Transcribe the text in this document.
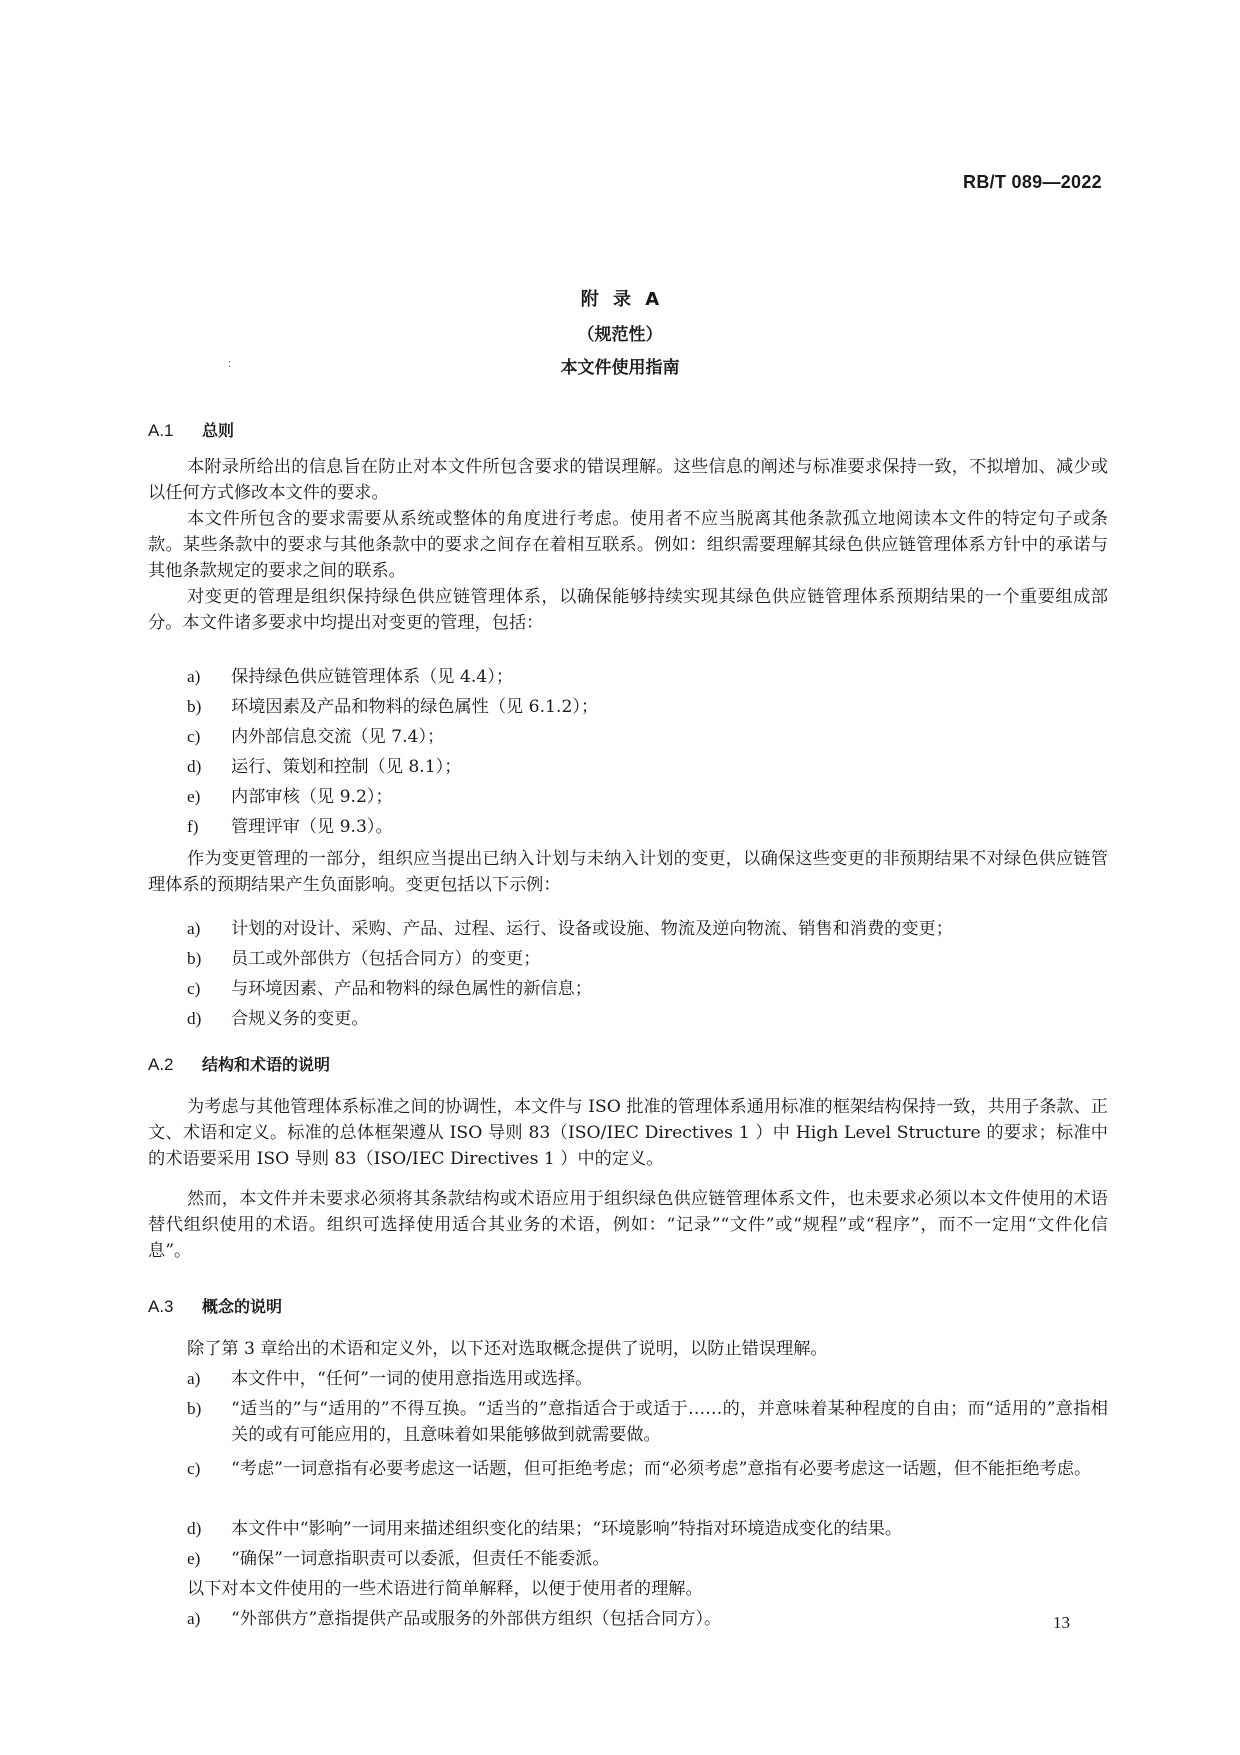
RB/T 089—2022
附 录 A
（规范性）
：	本文件使用指南
A.1 总则
本附录所给出的信息旨在防止对本文件所包含要求的错误理解。这些信息的阐述与标准要求保持一致，不拟增加、减少或以任何方式修改本文件的要求。
本文件所包含的要求需要从系统或整体的角度进行考虑。使用者不应当脱离其他条款孤立地阅读本文件的特定句子或条款。某些条款中的要求与其他条款中的要求之间存在着相互联系。例如：组织需要理解其绿色供应链管理体系方针中的承诺与其他条款规定的要求之间的联系。
对变更的管理是组织保持绿色供应链管理体系，以确保能够持续实现其绿色供应链管理体系预期结果的一个重要组成部分。本文件诸多要求中均提出对变更的管理，包括：
a) 保持绿色供应链管理体系（见 4.4）；
b) 环境因素及产品和物料的绿色属性（见 6.1.2）；
c) 内外部信息交流（见 7.4）；
d) 运行、策划和控制（见 8.1）；
e) 内部审核（见 9.2）；
f) 管理评审（见 9.3）。
作为变更管理的一部分，组织应当提出已纳入计划与未纳入计划的变更，以确保这些变更的非预期结果不对绿色供应链管理体系的预期结果产生负面影响。变更包括以下示例：
a) 计划的对设计、采购、产品、过程、运行、设备或设施、物流及逆向物流、销售和消费的变更；
b) 员工或外部供方（包括合同方）的变更；
c) 与环境因素、产品和物料的绿色属性的新信息；
d) 合规义务的变更。
A.2 结构和术语的说明
为考虑与其他管理体系标准之间的协调性，本文件与 ISO 批准的管理体系通用标准的框架结构保持一致，共用子条款、正文、术语和定义。标准的总体框架遵从 ISO 导则 83（ISO/IEC Directives 1 ）中 High Level Structure 的要求；标准中的术语要采用 ISO 导则 83（ISO/IEC Directives 1 ）中的定义。
然而，本文件并未要求必须将其条款结构或术语应用于组织绿色供应链管理体系文件，也未要求必须以本文件使用的术语替代组织使用的术语。组织可选择使用适合其业务的术语，例如：“记录”“文件”或“规程”或“程序”，而不一定用“文件化信息”。
A.3 概念的说明
除了第 3 章给出的术语和定义外，以下还对选取概念提供了说明，以防止错误理解。
a) 本文件中，“任何”一词的使用意指选用或选择。
b) “适当的”与“适用的”不得互换。“适当的”意指适合于或适于……的，并意味着某种程度的自由；而“适用的”意指相关的或有可能应用的，且意味着如果能够做到就需要做。
c) “考虑”一词意指有必要考虑这一话题，但可拒绝考虑；而“必须考虑”意指有必要考虑这一话题，但不能拒绝考虑。
d) 本文件中“影响”一词用来描述组织变化的结果；“环境影响”特指对环境造成变化的结果。
e) “确保”一词意指职责可以委派，但责任不能委派。
以下对本文件使用的一些术语进行简单解释，以便于使用者的理解。
a) “外部供方”意指提供产品或服务的外部供方组织（包括合同方）。	13
